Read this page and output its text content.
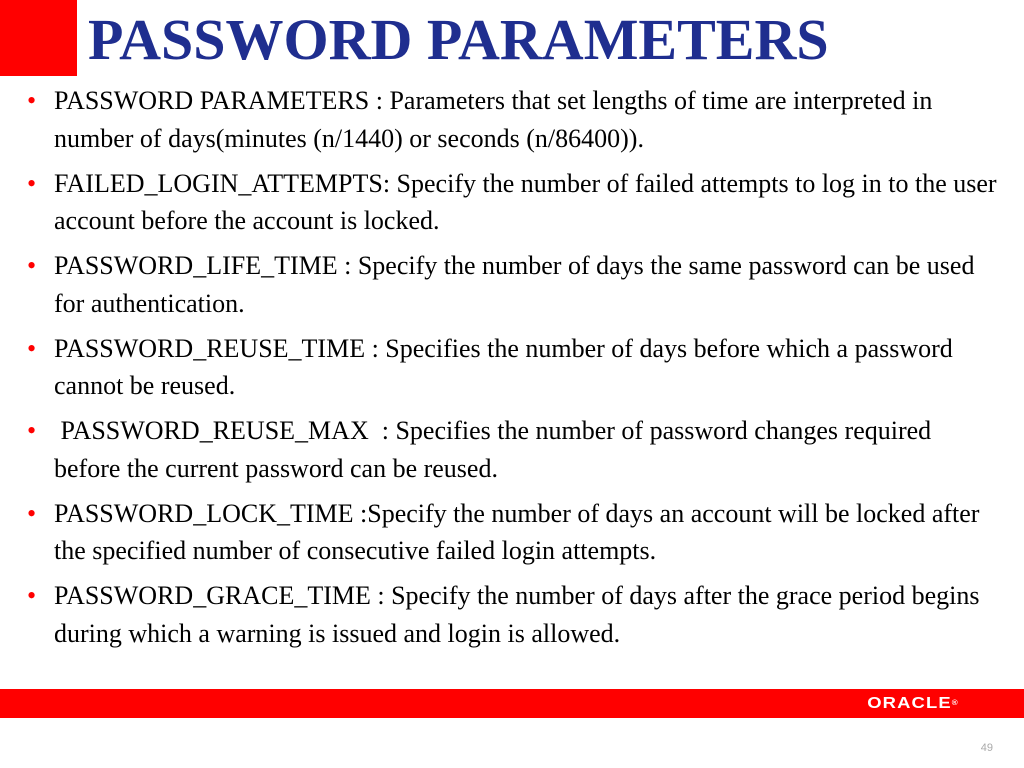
PASSWORD PARAMETERS
• PASSWORD PARAMETERS : Parameters that set lengths of time are interpreted in number of days(minutes (n/1440) or seconds (n/86400)).
• FAILED_LOGIN_ATTEMPTS: Specify the number of failed attempts to log in to the user account before the account is locked.
• PASSWORD_LIFE_TIME : Specify the number of days the same password can be used for authentication.
• PASSWORD_REUSE_TIME : Specifies the number of days before which a password cannot be reused.
• PASSWORD_REUSE_MAX  : Specifies the number of password changes required before the current password can be reused.
• PASSWORD_LOCK_TIME :Specify the number of days an account will be locked after the specified number of consecutive failed login attempts.
• PASSWORD_GRACE_TIME : Specify the number of days after the grace period begins during which a warning is issued and login is allowed.
ORACLE®
49
